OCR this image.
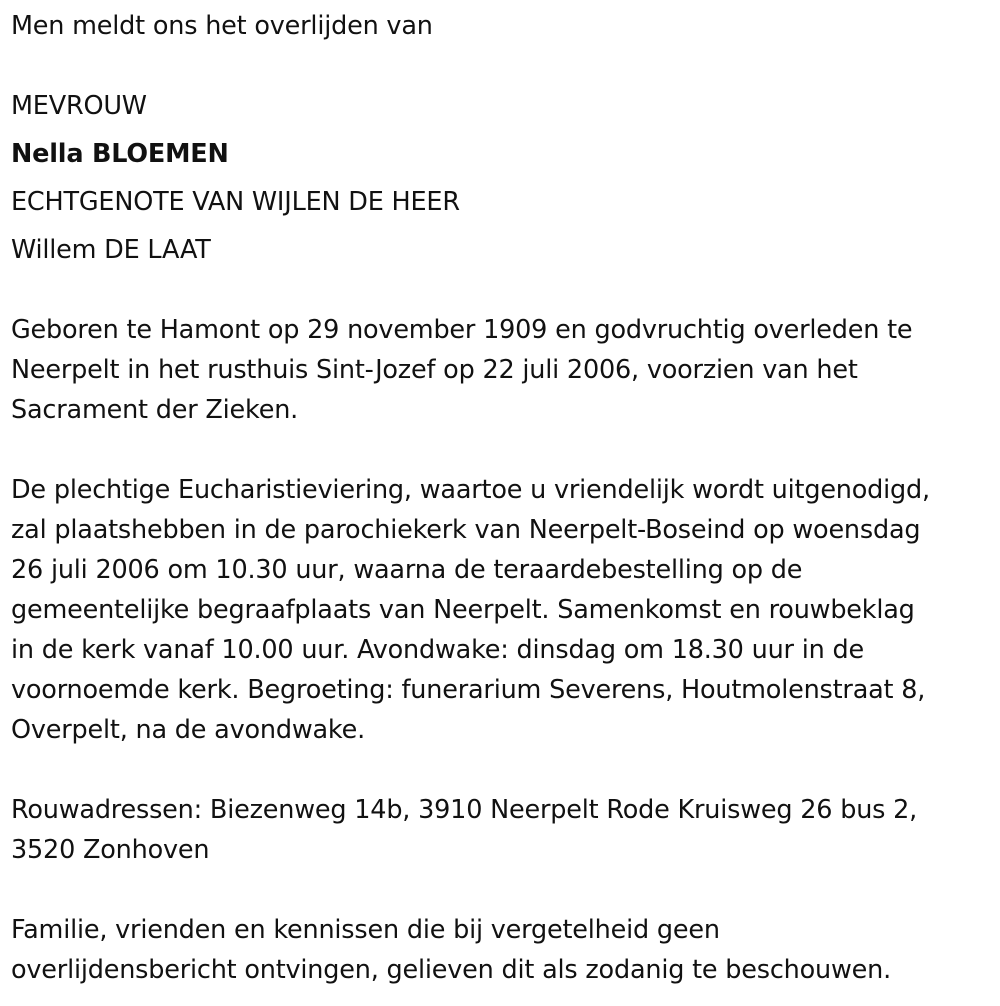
Men meldt ons het overlijden van
MEVROUW
Nella BLOEMEN
ECHTGENOTE VAN WIJLEN DE HEER
Willem DE LAAT
Geboren te Hamont op 29 november 1909 en godvruchtig overleden te
Neerpelt in het rusthuis Sint-Jozef op 22 juli 2006, voorzien van het
Sacrament der Zieken.
De plechtige Eucharistieviering, waartoe u vriendelijk wordt uitgenodigd,
zal plaatshebben in de parochiekerk van Neerpelt-Boseind op woensdag
26 juli 2006 om 10.30 uur, waarna de teraardebestelling op de
gemeentelijke begraafplaats van Neerpelt. Samenkomst en rouwbeklag
in de kerk vanaf 10.00 uur. Avondwake: dinsdag om 18.30 uur in de
voornoemde kerk. Begroeting: funerarium Severens, Houtmolenstraat 8,
Overpelt, na de avondwake.
Rouwadressen: Biezenweg 14b, 3910 Neerpelt Rode Kruisweg 26 bus 2,
3520 Zonhoven
Familie, vrienden en kennissen die bij vergetelheid geen
overlijdensbericht ontvingen, gelieven dit als zodanig te beschouwen.
